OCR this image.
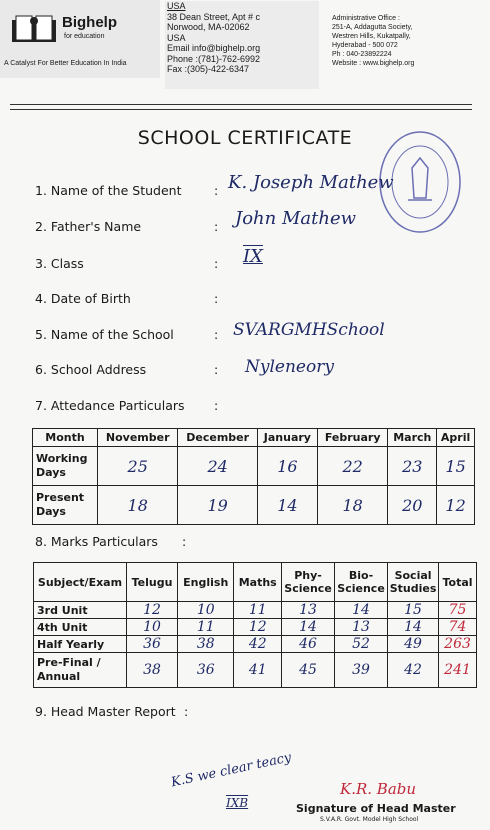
Bighelp
for education
A Catalyst For Better Education In India
USA
38 Dean Street, Apt # c
Norwood, MA-02062
USA
Email info@bighelp.org
Phone :(781)-762-6992
Fax :(305)-422-6347
Administrative Office :
251-A, Addagutta Society,
Westren Hills, Kukatpally,
Hyderabad - 500 072
Ph : 040-23892224
Website : www.bighelp.org
SCHOOL CERTIFICATE
1. Name of the Student	: K. Joseph Mathew
2. Father's Name	: John Mathew
3. Class	: IX
4. Date of Birth	:
5. Name of the School	: SVARGMHSchool
6. School Address	: Nyleneory
7. Attedance Particulars :
Month	November	December	January	February	March	April
Working Days	25	24	16	22	23	15
Present Days	18	19	14	18	20	12
8. Marks Particulars :
Subject/Exam	Telugu	English	Maths	Phy-Science	Bio-Science	Social Studies	Total
3rd Unit	12	10	11	13	14	15	75
4th Unit	10	11	12	14	13	14	74
Half Yearly	36	38	42	46	52	49	263
Pre-Final / Annual	38	36	41	45	39	42	241
9. Head Master Report :
K.S we clear teacy
IXB
K.R. Babu
Signature of Head Master
S.V.A.R. Govt. Model High School
